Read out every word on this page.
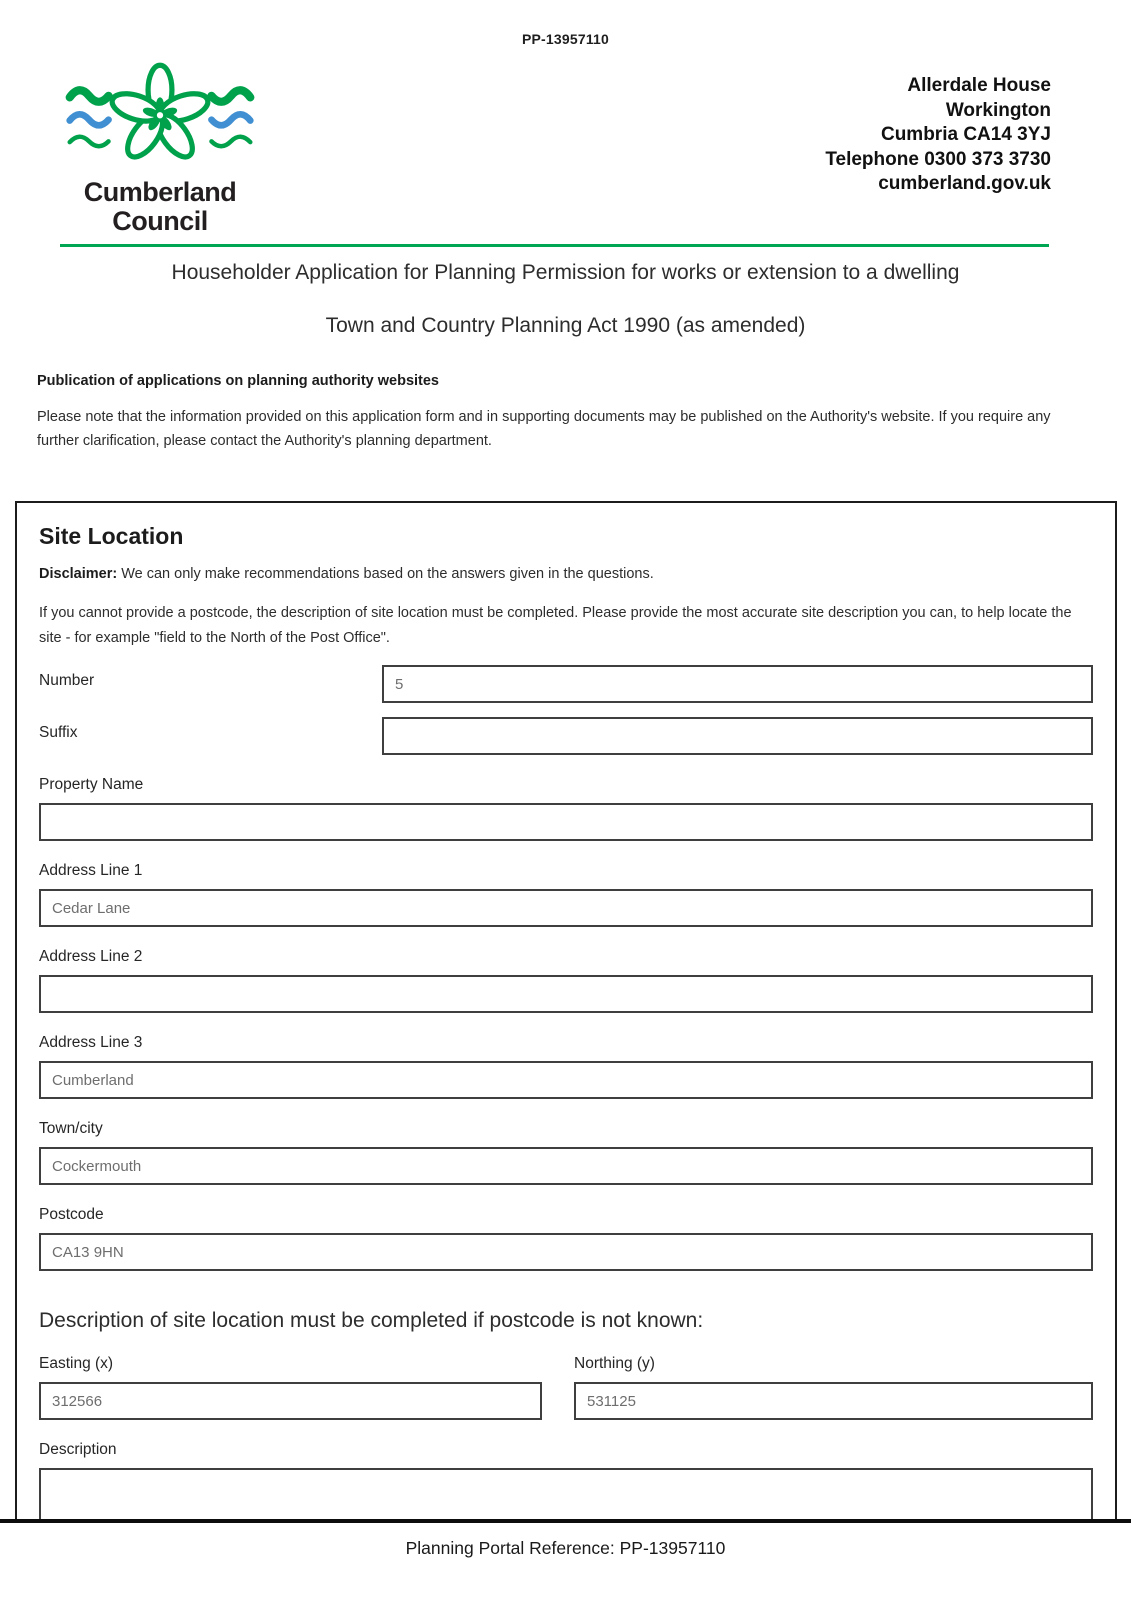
PP-13957110
Cumberland
Council
Allerdale House
Workington
Cumbria CA14 3YJ
Telephone 0300 373 3730
cumberland.gov.uk
Householder Application for Planning Permission for works or extension to a dwelling
Town and Country Planning Act 1990 (as amended)
Publication of applications on planning authority websites
Please note that the information provided on this application form and in supporting documents may be published on the Authority's website. If you require any further clarification, please contact the Authority's planning department.
Site Location

Disclaimer: We can only make recommendations based on the answers given in the questions.

If you cannot provide a postcode, the description of site location must be completed. Please provide the most accurate site description you can, to help locate the site - for example "field to the North of the Post Office".

Number
5
Suffix
Property Name
Address Line 1
Cedar Lane
Address Line 2
Address Line 3
Cumberland
Town/city
Cockermouth
Postcode
CA13 9HN
Description of site location must be completed if postcode is not known:
Easting (x)
312566	Northing (y)
531125
Description
Planning Portal Reference: PP-13957110
